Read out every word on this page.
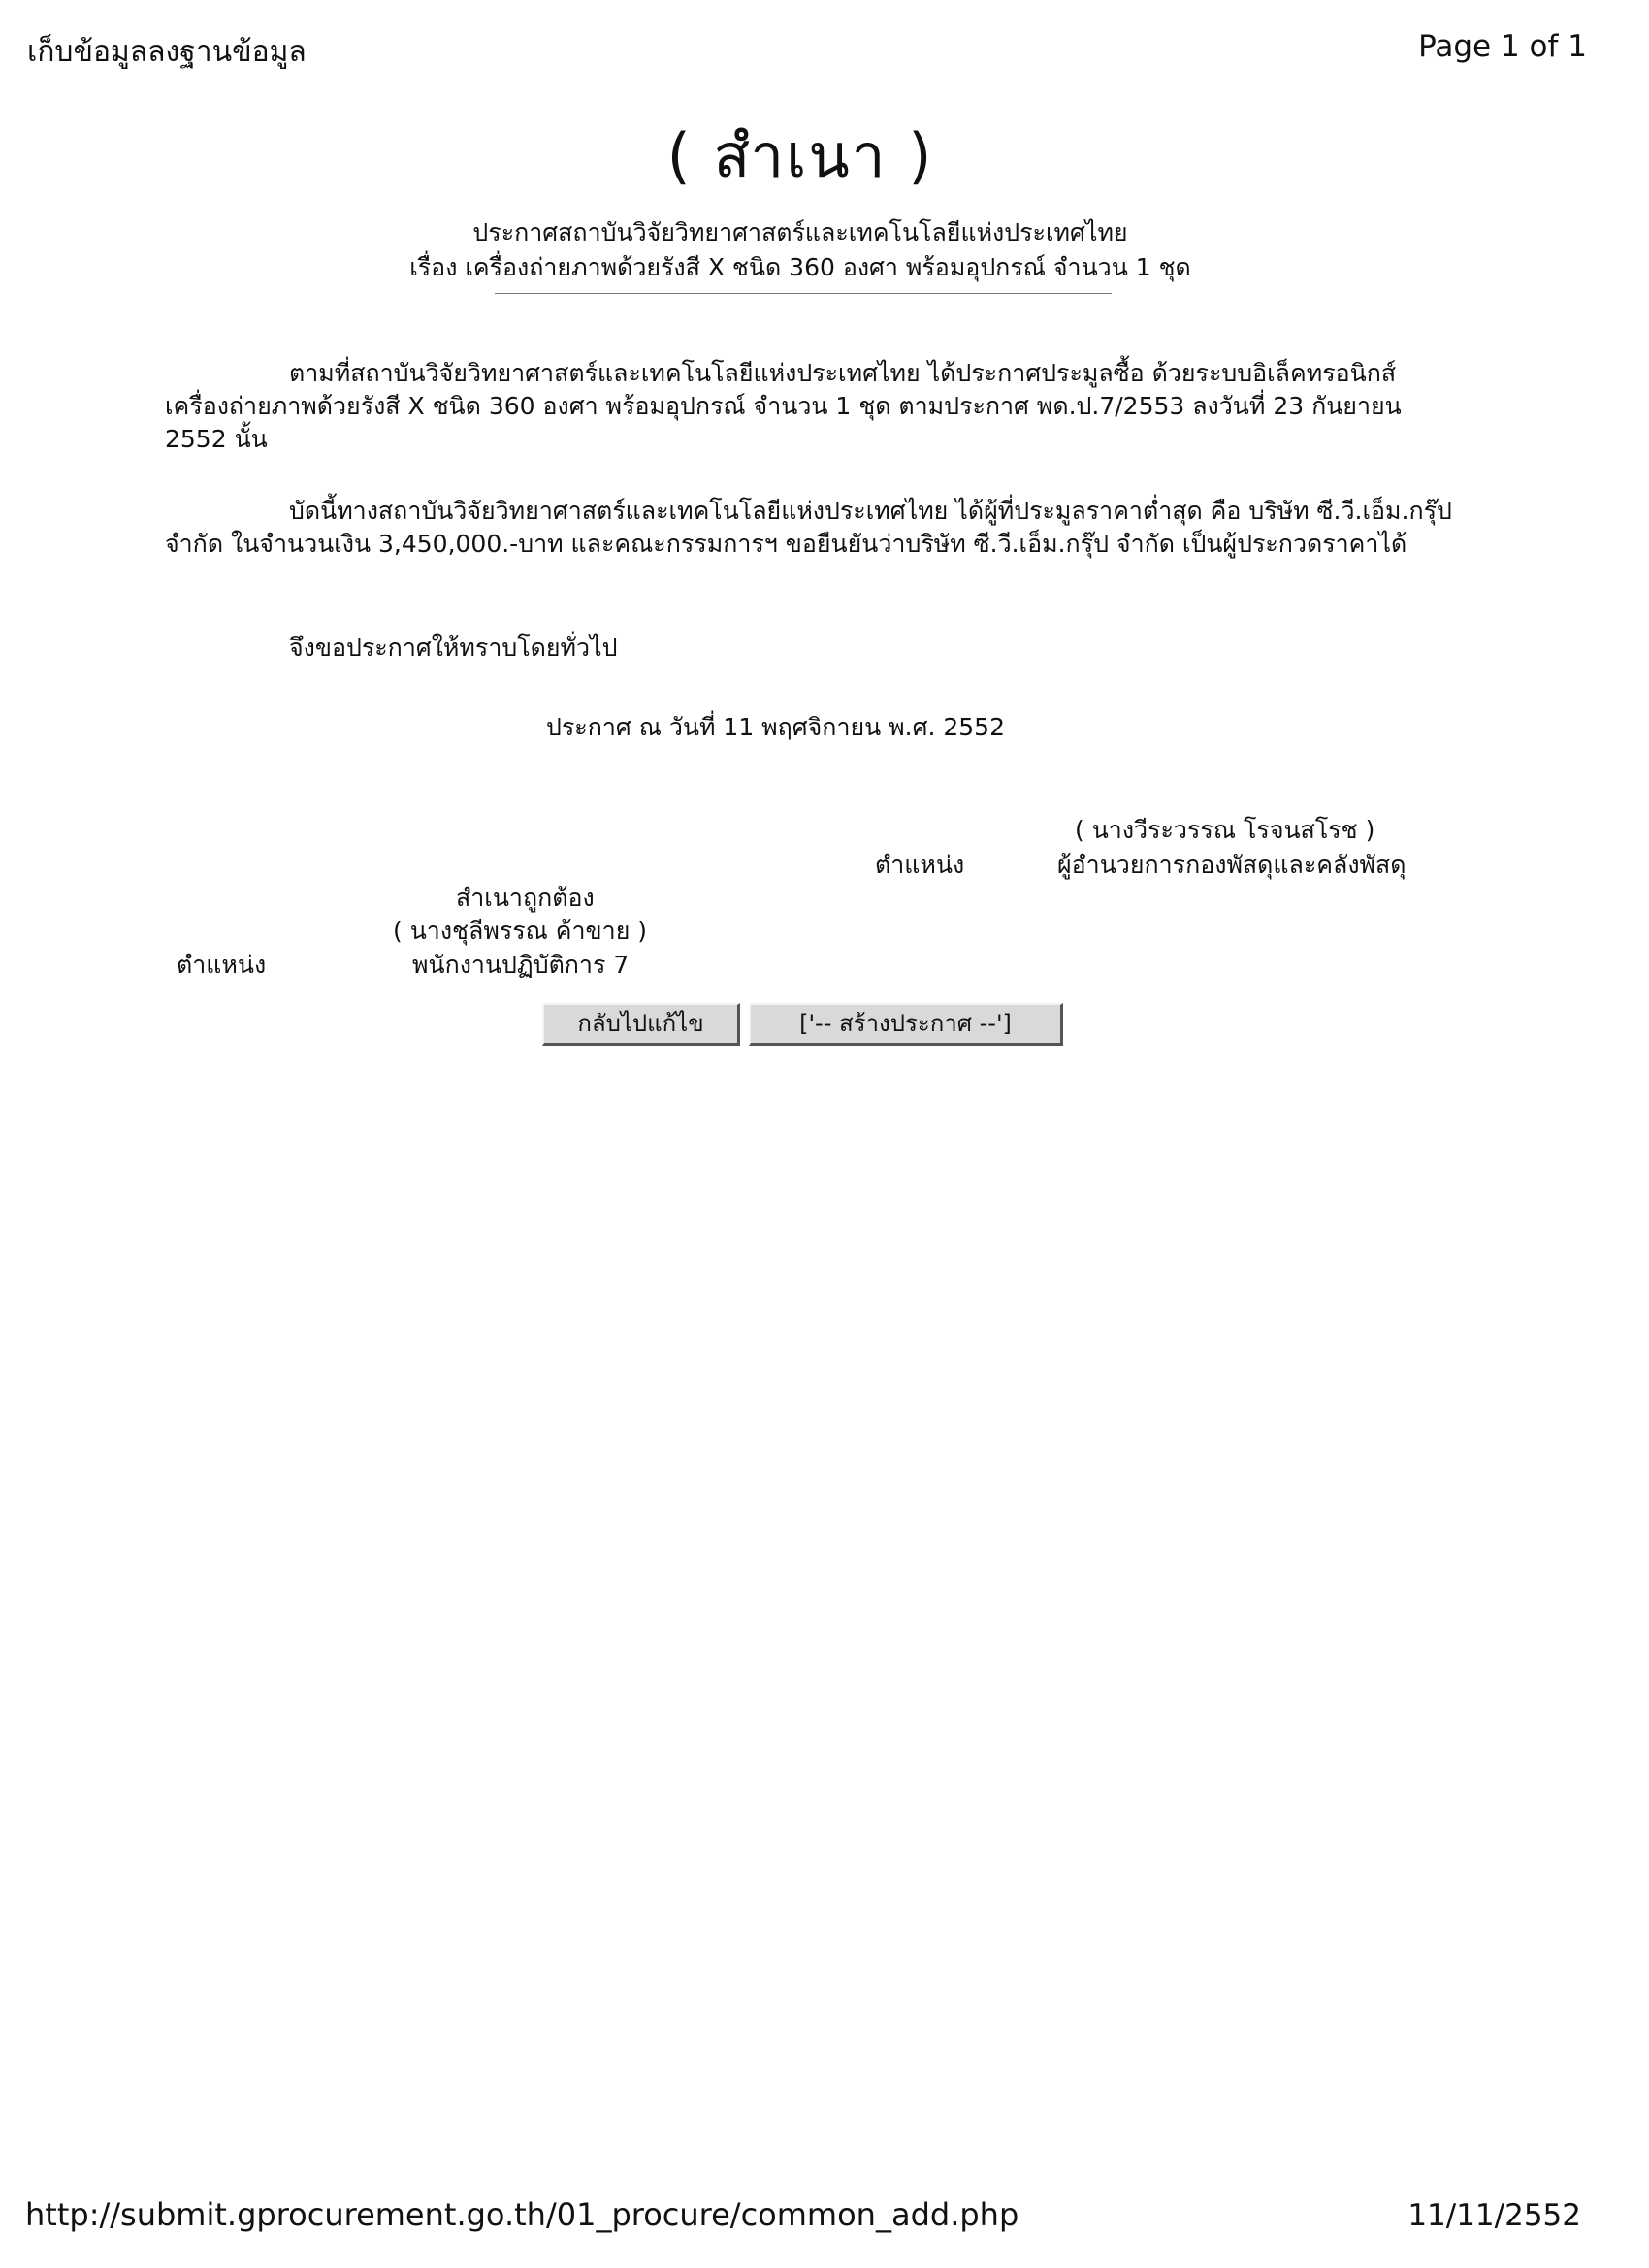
เก็บข้อมูลลงฐานข้อมูล	Page 1 of 1
( สำเนา )
ประกาศสถาบันวิจัยวิทยาศาสตร์และเทคโนโลยีแห่งประเทศไทย
เรื่อง เครื่องถ่ายภาพด้วยรังสี X ชนิด 360 องศา พร้อมอุปกรณ์ จำนวน 1 ชุด
ตามที่สถาบันวิจัยวิทยาศาสตร์และเทคโนโลยีแห่งประเทศไทย ได้ประกาศประมูลซื้อ ด้วยระบบอิเล็คทรอนิกส์ เครื่องถ่ายภาพด้วยรังสี X ชนิด 360 องศา พร้อมอุปกรณ์ จำนวน 1 ชุด ตามประกาศ พด.ป.7/2553 ลงวันที่ 23 กันยายน 2552 นั้น
บัดนี้ทางสถาบันวิจัยวิทยาศาสตร์และเทคโนโลยีแห่งประเทศไทย ได้ผู้ที่ประมูลราคาต่ำสุด คือ บริษัท ซี.วี.เอ็ม.กรุ๊ป จำกัด ในจำนวนเงิน 3,450,000.-บาท และคณะกรรมการฯ ขอยืนยันว่าบริษัท ซี.วี.เอ็ม.กรุ๊ป จำกัด เป็นผู้ประกวดราคาได้
จึงขอประกาศให้ทราบโดยทั่วไป
ประกาศ ณ วันที่ 11 พฤศจิกายน พ.ศ. 2552
( นางวีระวรรณ โรจนสโรช )
ตำแหน่ง	ผู้อำนวยการกองพัสดุและคลังพัสดุ
สำเนาถูกต้อง
( นางชุลีพรรณ ค้าขาย )
ตำแหน่ง	พนักงานปฏิบัติการ 7
กลับไปแก้ไข	['-- สร้างประกาศ --']
http://submit.gprocurement.go.th/01_procure/common_add.php	11/11/2552
